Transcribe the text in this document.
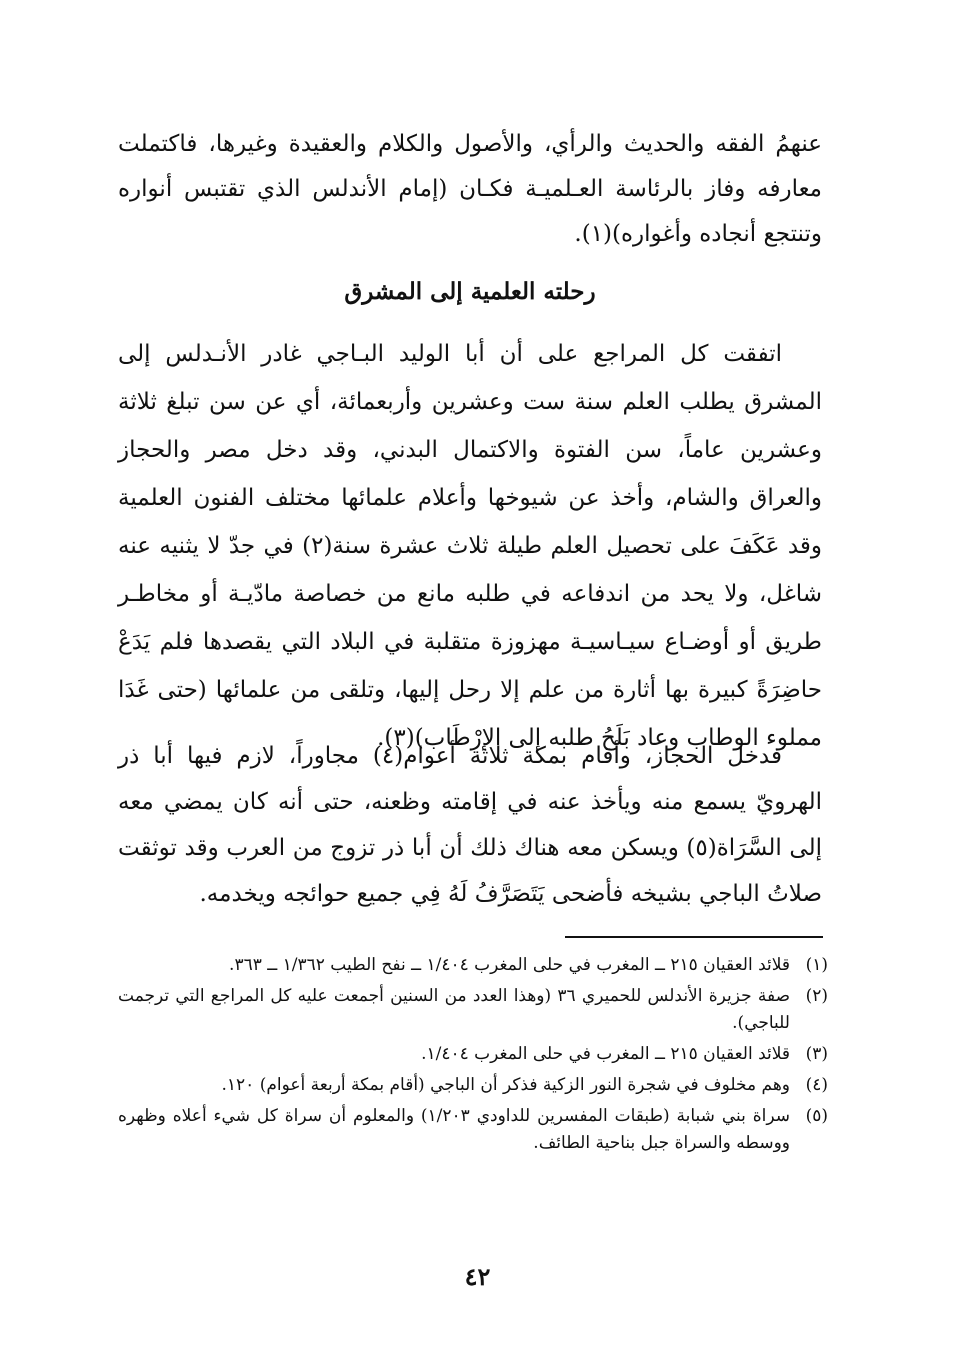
عنهمُ الفقه والحديث والرأي، والأصول والكلام والعقيدة وغيرها، فاكتملت معارفه وفاز بالرئاسة العـلميـة فكـان (إمام الأندلس الذي تقتبس أنواره وتنتجع أنجاده وأغواره)(١).

رحلته العلمية إلى المشرق

اتفقت كل المراجع على أن أبا الوليد البـاجي غادر الأنـدلس إلى المشرق يطلب العلم سنة ست وعشرين وأربعمائة، أي عن سن تبلغ ثلاثة وعشرين عاماً، سن الفتوة والاكتمال البدني، وقد دخل مصر والحجاز والعراق والشام، وأخذ عن شيوخها وأعلام علمائها مختلف الفنون العلمية وقد عَكَفَ على تحصيل العلم طيلة ثلاث عشرة سنة(٢) في جدّ لا يثنيه عنه شاغل، ولا يحد من اندفاعه في طلبه مانع من خصاصة مادّيـة أو مخاطـر طريق أو أوضـاع سيـاسيـة مهزوزة متقلبة في البلاد التي يقصدها فلم يَدَعْ حاضِرَةً كبيرة بها أثارة من علم إلا رحل إليها، وتلقى من علمائها (حتى غَدَا مملوء الوطاب وعاد بَلَحُ طلبه إلى الإرْطَاب)(٣).

فدخل الحجاز، وأقام بمكة ثلاثة أعوام(٤) مجاوراً، لازم فيها أبا ذر الهرويّ يسمع منه ويأخذ عنه في إقامته وظعنه، حتى أنه كان يمضي معه إلى السَّرَاة(٥) ويسكن معه هناك ذلك أن أبا ذر تزوج من العرب وقد توثقت صلاتُ الباجي بشيخه فأضحى يَتَصَرَّفُ لَهُ فِي جميع حوائجه ويخدمه.

(١)
قلائد العقيان ٢١٥ ــ المغرب في حلى المغرب ١/٤٠٤ ــ نفح الطيب ١/٣٦٢ ــ ٣٦٣.
(٢)
صفة جزيرة الأندلس للحميري ٣٦ (وهذا العدد من السنين أجمعت عليه كل المراجع التي ترجمت للباجي).
(٣)
قلائد العقيان ٢١٥ ــ المغرب في حلى المغرب ١/٤٠٤.
(٤)
وهم مخلوف في شجرة النور الزكية فذكر أن الباجي (أقام بمكة أربعة أعوام) ١٢٠.
(٥)
سراة بني شبابة (طبقات المفسرين للداودي ١/٢٠٣) والمعلوم أن سراة كل شيء أعلاه وظهره ووسطه والسراة جبل بناحية الطائف.
٤٢
